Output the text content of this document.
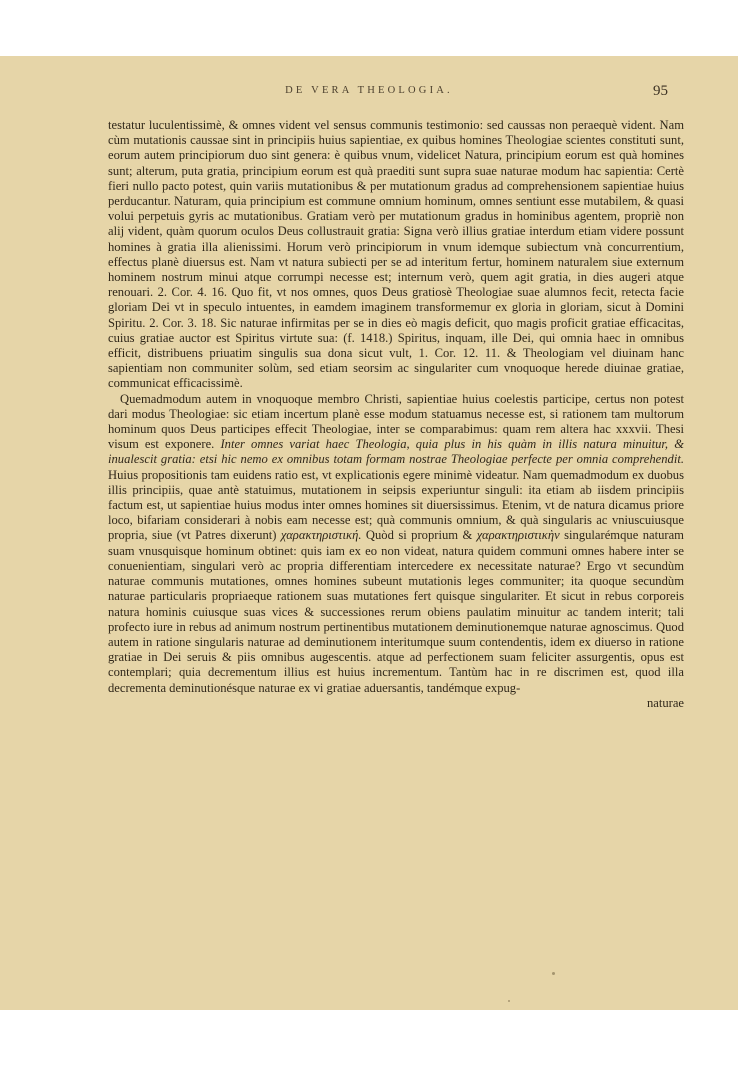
DE VERA THEOLOGIA.	95

testatur luculentissimè, & omnes vident vel sensus communis testimonio: sed caussas non peraequè vident. Nam cùm mutationis caussae sint in principiis huius sapientiae, ex quibus homines Theologiae scientes constituti sunt, eorum autem principiorum duo sint genera: è quibus vnum, videlicet Natura, principium eorum est quà homines sunt; alterum, puta gratia, principium eorum est quà praediti sunt supra suae naturae modum hac sapientia: Certè fieri nullo pacto potest, quin variis mutationibus & per mutationum gradus ad comprehensionem sapientiae huius perducantur. Naturam, quia principium est commune omnium hominum, omnes sentiunt esse mutabilem, & quasi volui perpetuis gyris ac mutationibus. Gratiam verò per mutationum gradus in hominibus agentem, propriè non alij vident, quàm quorum oculos Deus collustrauit gratia: Signa verò illius gratiae interdum etiam videre possunt homines à gratia illa alienissimi. Horum verò principiorum in vnum idemque subiectum vnà concurrentium, effectus planè diuersus est. Nam vt natura subiecti per se ad interitum fertur, hominem naturalem siue externum hominem nostrum minui atque corrumpi necesse est; internum verò, quem agit gratia, in dies augeri atque renouari. 2. Cor. 4. 16. Quo fit, vt nos omnes, quos Deus gratiosè Theologiae suae alumnos fecit, retecta facie gloriam Dei vt in speculo intuentes, in eamdem imaginem transformemur ex gloria in gloriam, sicut à Domini Spiritu. 2. Cor. 3. 18. Sic naturae infirmitas per se in dies eò magis deficit, quo magis proficit gratiae efficacitas, cuius gratiae auctor est Spiritus virtute sua: (f. 1418.) Spiritus, inquam, ille Dei, qui omnia haec in omnibus efficit, distribuens priuatim singulis sua dona sicut vult, 1. Cor. 12. 11. & Theologiam vel diuinam hanc sapientiam non communiter solùm, sed etiam seorsim ac singulariter cum vnoquoque herede diuinae gratiae, communicat efficacissimè.

Quemadmodum autem in vnoquoque membro Christi, sapientiae huius coelestis participe, certus non potest dari modus Theologiae: sic etiam incertum planè esse modum statuamus necesse est, si rationem tam multorum hominum quos Deus participes effecit Theologiae, inter se comparabimus: quam rem altera hac xxxvii. Thesi visum est exponere. Inter omnes variat haec Theologia, quia plus in his quàm in illis natura minuitur, & inualescit gratia: etsi hic nemo ex omnibus totam formam nostrae Theologiae perfecte per omnia comprehendit. Huius propositionis tam euidens ratio est, vt explicationis egere minimè videatur. Nam quemadmodum ex duobus illis principiis, quae antè statuimus, mutationem in seipsis experiuntur singuli: ita etiam ab iisdem principiis factum est, ut sapientiae huius modus inter omnes homines sit diuersissimus. Etenim, vt de natura dicamus priore loco, bifariam considerari à nobis eam necesse est; quà communis omnium, & quà singularis ac vniuscuiusque propria, siue (vt Patres dixerunt) χαρακτηριστική. Quòd si proprium & χαρακτηριστικὴν singularémque naturam suam vnusquisque hominum obtinet: quis iam ex eo non videat, natura quidem communi omnes habere inter se conuenientiam, singulari verò ac propria differentiam intercedere ex necessitate naturae? Ergo vt secundùm naturae communis mutationes, omnes homines subeunt mutationis leges communiter; ita quoque secundùm naturae particularis propriaeque rationem suas mutationes fert quisque singulariter. Et sicut in rebus corporeis natura hominis cuiusque suas vices & successiones rerum obiens paulatim minuitur ac tandem interit; tali profecto iure in rebus ad animum nostrum pertinentibus mutationem deminutionemque naturae agnoscimus. Quod autem in ratione singularis naturae ad deminutionem interitumque suum contendentis, idem ex diuerso in ratione gratiae in Dei seruis & piis omnibus augescentis. atque ad perfectionem suam feliciter assurgentis, opus est contemplari; quia decrementum illius est huius incrementum. Tantùm hac in re discrimen est, quod illa decrementa deminutionésque naturae ex vi gratiae aduersantis, tandémque expug-

naturae
